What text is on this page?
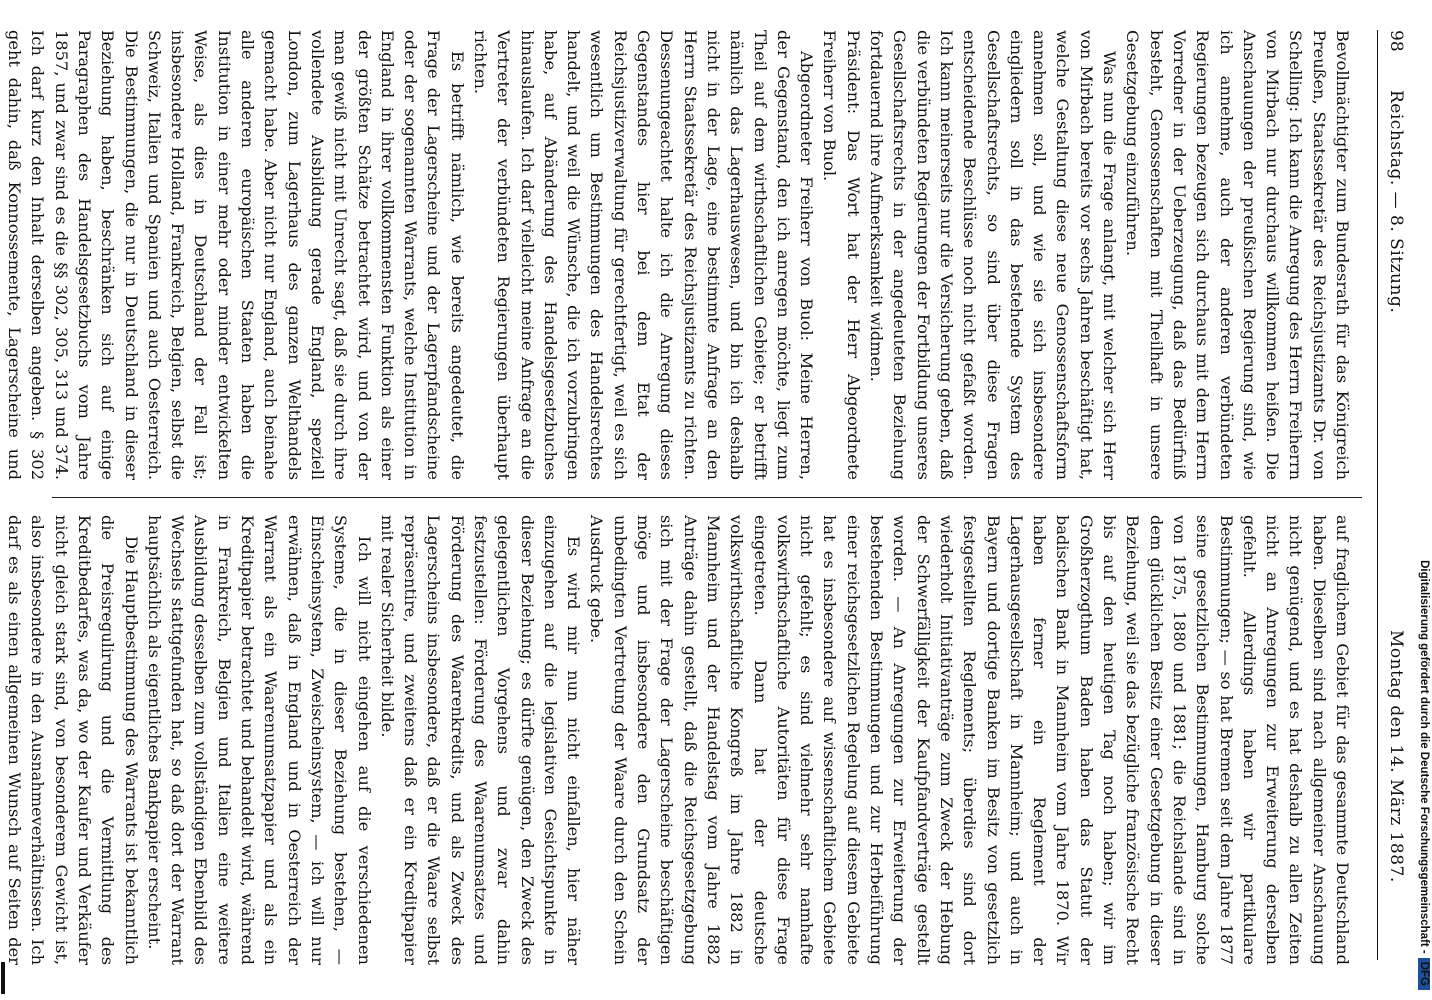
98
Reichstag. — 8. Sitzung.
Montag den 14. März 1887.

Bevollmächtigter zum Bundesrath für das Königreich Preußen, Staatssekretär des Reichsjustizamts Dr. von Schelling: Ich kann die Anregung des Herrn Freiherrn von Mirbach nur durchaus willkommen heißen. Die Anschauungen der preußischen Regierung sind, wie ich annehme, auch der anderen verbündeten Regierungen bezeugen sich durchaus mit dem Herrn Vorredner in der Ueberzeugung, daß das Bedürfniß besteht, Genossenschaften mit Theilhaft in unsere Gesetzgebung einzuführen.

Was nun die Frage anlangt, mit welcher sich Herr von Mirbach bereits vor sechs Jahren beschäftigt hat, welche Gestaltung diese neue Genossenschaftsform annehmen soll, und wie sie sich insbesondere eingliedern soll in das bestehende System des Gesellschaftsrechts, so sind über diese Fragen entscheidende Beschlüsse noch nicht gefaßt worden. Ich kann meinerseits nur die Versicherung geben, daß die verbündeten Regierungen der Fortbildung unseres Gesellschaftsrechts in der angedeuteten Beziehung fortdauernd ihre Aufmerksamkeit widmen.

Präsident: Das Wort hat der Herr Abgeordnete Freiherr von Buol.

Abgeordneter Freiherr von Buol: Meine Herren, der Gegenstand, den ich anregen möchte, liegt zum Theil auf dem wirthschaftlichen Gebiete; er betrifft nämlich das Lagerhauswesen, und bin ich deshalb nicht in der Lage, eine bestimmte Anfrage an den Herrn Staatssekretär des Reichsjustizamts zu richten. Dessenungeachtet halte ich die Anregung dieses Gegenstandes hier bei dem Etat der Reichsjustizverwaltung für gerechtfertigt, weil es sich wesentlich um Bestimmungen des Handelsrechtes handelt, und weil die Wünsche, die ich vorzubringen habe, auf Abänderung des Handelsgesetzbuches hinauslaufen. Ich darf vielleicht meine Anfrage an die Vertreter der verbündeten Regierungen überhaupt richten.

Es betrifft nämlich, wie bereits angedeutet, die Frage der Lagerscheine und der Lagerpfandscheine oder der sogenannten Warrants, welche Institution in England in ihrer vollkommensten Funktion als einer der größten Schätze betrachtet wird, und von der man gewiß nicht mit Unrecht sagt, daß sie durch ihre vollendete Ausbildung gerade England, speziell London, zum Lagerhaus des ganzen Welthandels gemacht habe. Aber nicht nur England, auch beinahe alle anderen europäischen Staaten haben die Institution in einer mehr oder minder entwickelten Weise, als dies in Deutschland der Fall ist; insbesondere Holland, Frankreich, Belgien, selbst die Schweiz, Italien und Spanien und auch Oesterreich. Die Bestimmungen, die nur in Deutschland in dieser Beziehung haben, beschränken sich auf einige Paragraphen des Handelsgesetzbuchs vom Jahre 1857, und zwar sind es die §§ 302, 305, 313 und 374. Ich darf kurz den Inhalt derselben angeben. § 302 geht dahin, daß Konnossemente, Lagerscheine und

auf fraglichem Gebiet für das gesammte Deutschland haben. Dieselben sind nach allgemeiner Anschauung nicht genügend, und es hat deshalb zu allen Zeiten nicht an Anregungen zur Erweiterung derselben gefehlt. Allerdings haben wir partikulare Bestimmungen; — so hat Bremen seit dem Jahre 1877 seine gesetzlichen Bestimmungen, Hamburg solche von 1875, 1880 und 1881; die Reichslande sind in dem glücklichen Besitz einer Gesetzgebung in dieser Beziehung, weil sie das bezügliche französische Recht bis auf den heutigen Tag noch haben; wir im Großherzogthum Baden haben das Statut der badischen Bank in Mannheim vom Jahre 1870. Wir haben ferner ein Reglement der Lagerhausgesellschaft in Mannheim; und auch in Bayern und dortige Banken im Besitz von gesetzlich festgestellten Reglements; überdies sind dort wiederholt Initiativanträge zum Zweck der Hebung der Schwerfälligkeit der Kaufpfandverträge gestellt worden. — An Anregungen zur Erweiterung der bestehenden Bestimmungen und zur Herbeiführung einer reichsgesetzlichen Regelung auf diesem Gebiete hat es insbesondere auf wissenschaftlichem Gebiete nicht gefehlt; es sind vielmehr sehr namhafte volkswirthschaftliche Autoritäten für diese Frage eingetreten. Dann hat der deutsche volkswirthschaftliche Kongreß im Jahre 1882 in Mannheim und der Handelstag vom Jahre 1882 Anträge dahin gestellt, daß die Reichsgesetzgebung sich mit der Frage der Lagerscheine beschäftigen möge und insbesondere den Grundsatz der unbedingten Vertretung der Waare durch den Schein Ausdruck gebe.

Es wird mir nun nicht einfallen, hier näher einzugehen auf die legislativen Gesichtspunkte in dieser Beziehung; es dürfte genügen, den Zweck des gelegentlichen Vorgehens und zwar dahin festzustellen: Förderung des Waarenumsatzes und Förderung des Waarenkredits, und als Zweck des Lagerscheins insbesondere, daß er die Waare selbst repräsentire, und zweitens daß er ein Kreditpapier mit realer Sicherheit bilde.

Ich will nicht eingehen auf die verschiedenen Systeme, die in dieser Beziehung bestehen, — Einscheinsystem, Zweischeinsystem, — ich will nur erwähnen, daß in England und in Oesterreich der Warrant als ein Waarenumsatzpapier und als ein Kreditpapier betrachtet und behandelt wird, während in Frankreich, Belgien und Italien eine weitere Ausbildung desselben zum vollständigen Ebenbild des Wechsels stattgefunden hat, so daß dort der Warrant hauptsächlich als eigentliches Bankpapier erscheint.

Die Hauptbestimmung des Warrants ist bekanntlich die Preisregulirung und die Vermittlung des Kreditbedarfes, was da, wo der Kaufer und Verkäufer nicht gleich stark sind, von besonderem Gewicht ist, also insbesondere in den Ausnahmeverhältnissen. Ich darf es als einen allgemeinen Wunsch auf Seiten der	Digitalisierung gefördert durch die Deutsche Forschungsgemeinschaft -DFG
